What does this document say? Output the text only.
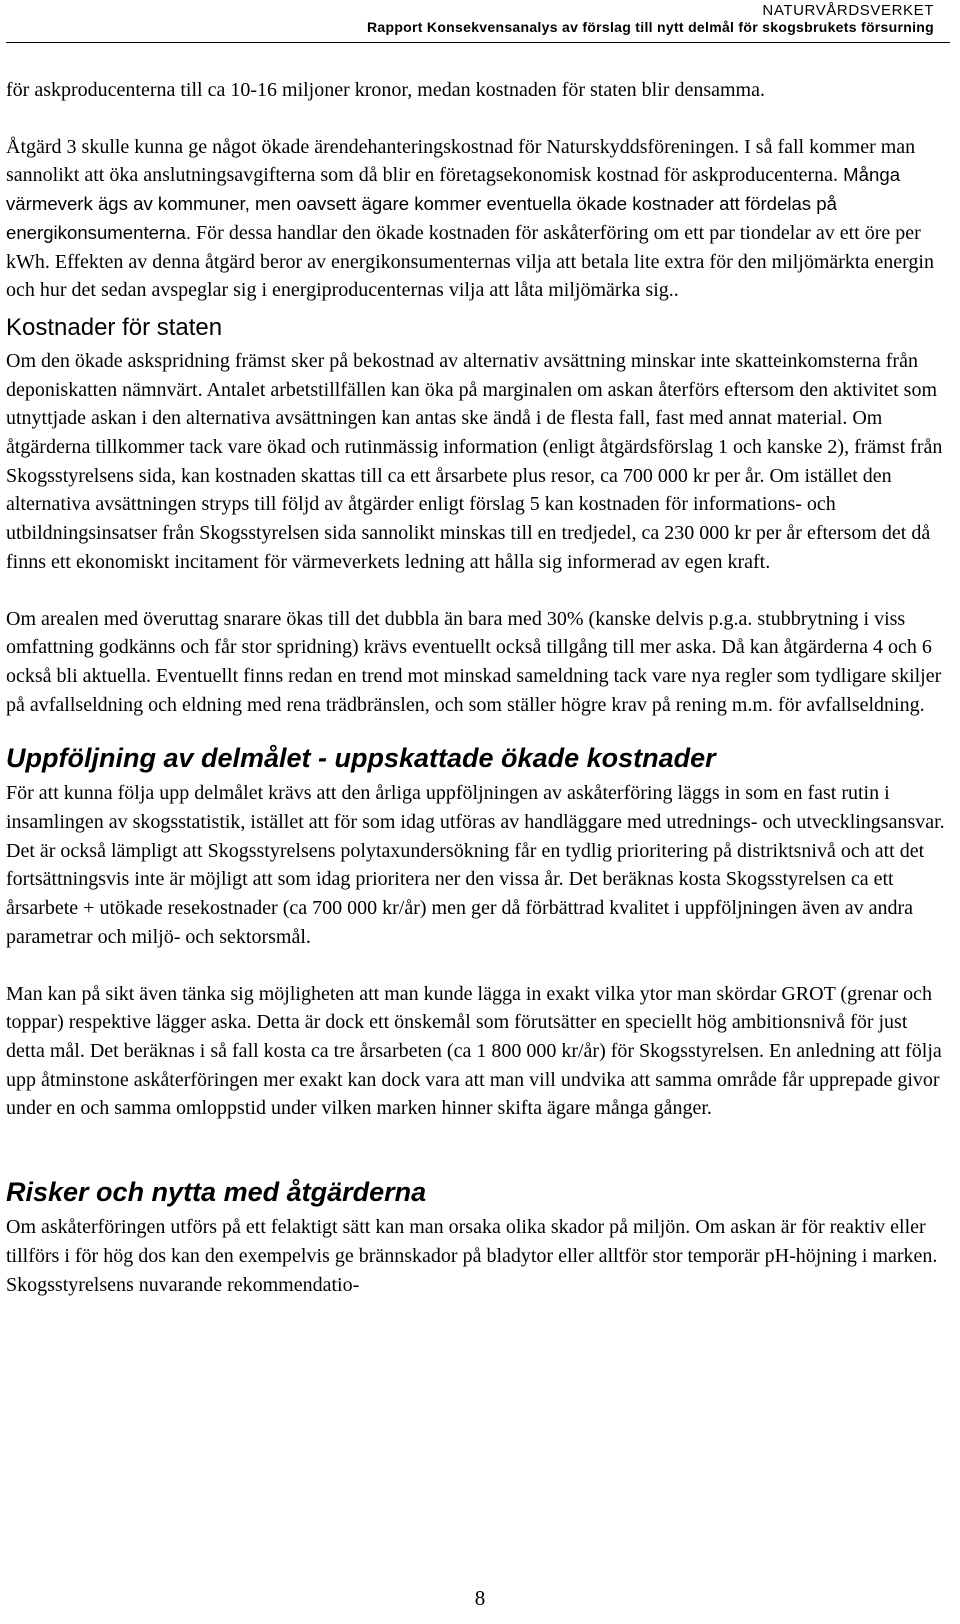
NATURVÅRDSVERKET
Rapport Konsekvensanalys av förslag till nytt delmål för skogsbrukets försurning

för askproducenterna till ca 10-16 miljoner kronor, medan kostnaden för staten blir densamma.

Åtgärd 3 skulle kunna ge något ökade ärendehanteringskostnad för Naturskyddsföreningen. I så fall kommer man sannolikt att öka anslutningsavgifterna som då blir en företagsekonomisk kostnad för askproducenterna. Många värmeverk ägs av kommuner, men oavsett ägare kommer eventuella ökade kostnader att fördelas på energikonsumenterna. För dessa handlar den ökade kostnaden för askåterföring om ett par tiondelar av ett öre per kWh. Effekten av denna åtgärd beror av energikonsumenternas vilja att betala lite extra för den miljömärkta energin och hur det sedan avspeglar sig i energiproducenternas vilja att låta miljömärka sig..

Kostnader för staten

Om den ökade askspridning främst sker på bekostnad av alternativ avsättning minskar inte skatteinkomsterna från deponiskatten nämnvärt. Antalet arbetstillfällen kan öka på marginalen om askan återförs eftersom den aktivitet som utnyttjade askan i den alternativa avsättningen kan antas ske ändå i de flesta fall, fast med annat material. Om åtgärderna tillkommer tack vare ökad och rutinmässig information (enligt åtgärdsförslag 1 och kanske 2), främst från Skogsstyrelsens sida, kan kostnaden skattas till ca ett årsarbete plus resor, ca 700 000 kr per år. Om istället den alternativa avsättningen stryps till följd av åtgärder enligt förslag 5 kan kostnaden för informations- och utbildningsinsatser från Skogsstyrelsen sida sannolikt minskas till en tredjedel, ca 230 000 kr per år eftersom det då finns ett ekonomiskt incitament för värmeverkets ledning att hålla sig informerad av egen kraft.

Om arealen med överuttag snarare ökas till det dubbla än bara med 30% (kanske delvis p.g.a. stubbrytning i viss omfattning godkänns och får stor spridning) krävs eventuellt också tillgång till mer aska. Då kan åtgärderna 4 och 6 också bli aktuella. Eventuellt finns redan en trend mot minskad sameldning tack vare nya regler som tydligare skiljer på avfallseldning och eldning med rena trädbränslen, och som ställer högre krav på rening m.m. för avfallseldning.

Uppföljning av delmålet - uppskattade ökade kostnader

För att kunna följa upp delmålet krävs att den årliga uppföljningen av askåterföring läggs in som en fast rutin i insamlingen av skogsstatistik, istället att för som idag utföras av handläggare med utrednings- och utvecklingsansvar. Det är också lämpligt att Skogsstyrelsens polytaxundersökning får en tydlig prioritering på distriktsnivå och att det fortsättningsvis inte är möjligt att som idag prioritera ner den vissa år. Det beräknas kosta Skogsstyrelsen ca ett årsarbete + utökade resekostnader (ca 700 000 kr/år) men ger då förbättrad kvalitet i uppföljningen även av andra parametrar och miljö- och sektorsmål.

Man kan på sikt även tänka sig möjligheten att man kunde lägga in exakt vilka ytor man skördar GROT (grenar och toppar) respektive lägger aska. Detta är dock ett önskemål som förutsätter en speciellt hög ambitionsnivå för just detta mål. Det beräknas i så fall kosta ca tre årsarbeten (ca 1 800 000 kr/år) för Skogsstyrelsen. En anledning att följa upp åtminstone askåterföringen mer exakt kan dock vara att man vill undvika att samma område får upprepade givor under en och samma omloppstid under vilken marken hinner skifta ägare många gånger.

Risker och nytta med åtgärderna

Om askåterföringen utförs på ett felaktigt sätt kan man orsaka olika skador på miljön. Om askan är för reaktiv eller tillförs i för hög dos kan den exempelvis ge brännskador på bladytor eller alltför stor temporär pH-höjning i marken. Skogsstyrelsens nuvarande rekommendatio-

8
